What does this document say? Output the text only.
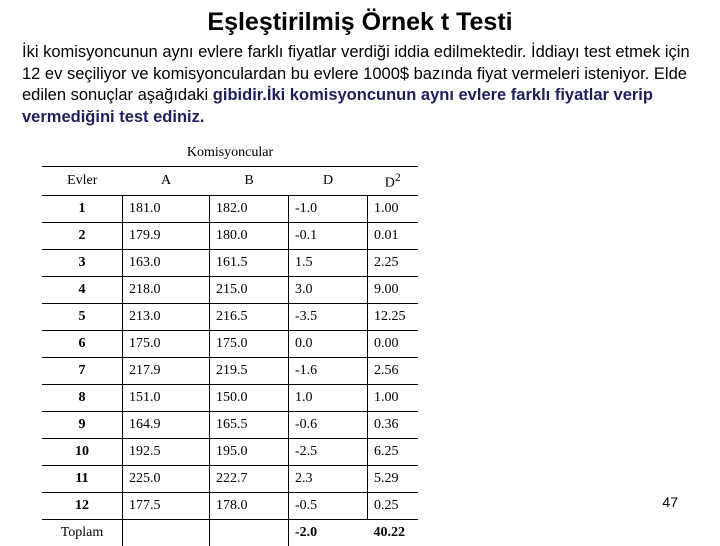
Eşleştirilmiş Örnek t Testi

İki komisyoncunun aynı evlere farklı fiyatlar verdiği iddia edilmektedir. İddiayı test etmek için 12 ev seçiliyor ve komisyonculardan bu evlere 1000$ bazında fiyat vermeleri isteniyor. Elde edilen sonuçlar aşağıdaki gibidir.İki komisyoncunun aynı evlere farklı fiyatlar verip vermediğini test ediniz.

Komisyoncular				
Evler	A	B	D	$D^2$
1	181.0	182.0	-1.0	1.00
2	179.9	180.0	-0.1	0.01
3	163.0	161.5	1.5	2.25
4	218.0	215.0	3.0	9.00
5	213.0	216.5	-3.5	12.25
6	175.0	175.0	0.0	0.00
7	217.9	219.5	-1.6	2.56
8	151.0	150.0	1.0	1.00
9	164.9	165.5	-0.6	0.36
10	192.5	195.0	-2.5	6.25
11	225.0	222.7	2.3	5.29
12	177.5	178.0	-0.5	0.25
Toplam			-2.0	40.22
47
